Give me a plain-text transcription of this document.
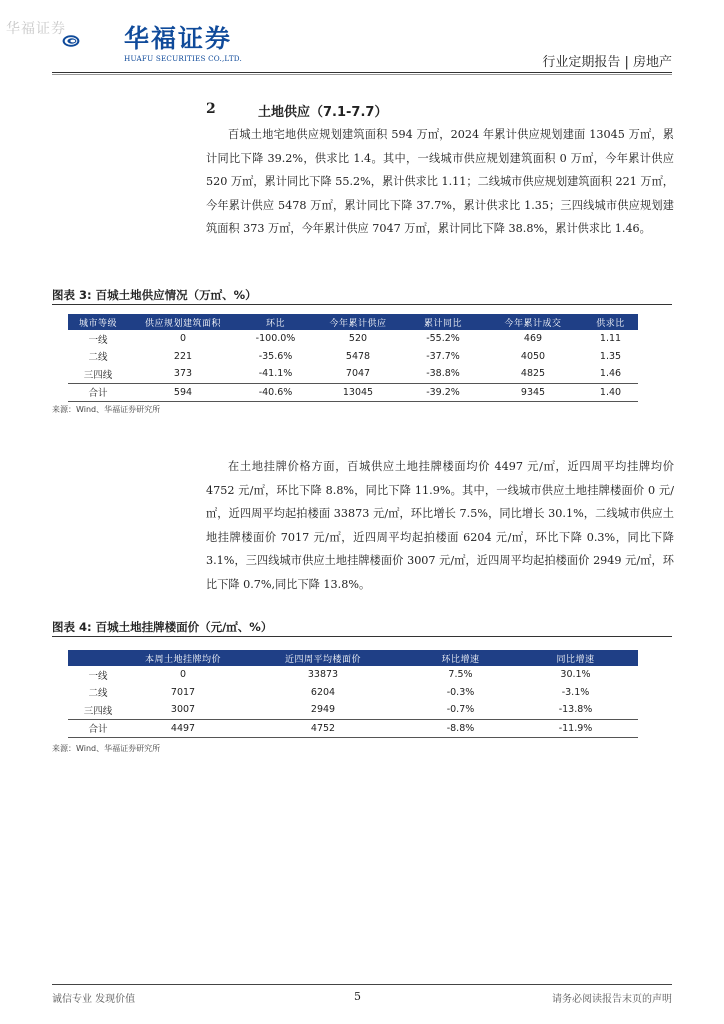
华福证券 华福证券
HUAFU SECURITIES CO.,LTD.	行业定期报告 | 房地产
2	土地供应（7.1-7.7）

百城土地宅地供应规划建筑面积 594 万㎡，2024 年累计供应规划建面 13045 万㎡，累计同比下降 39.2%，供求比 1.4。其中，一线城市供应规划建筑面积 0 万㎡，今年累计供应 520 万㎡，累计同比下降 55.2%，累计供求比 1.11；二线城市供应规划建筑面积 221 万㎡，今年累计供应 5478 万㎡，累计同比下降 37.7%，累计供求比 1.35；三四线城市供应规划建筑面积 373 万㎡，今年累计供应 7047 万㎡，累计同比下降 38.8%，累计供求比 1.46。

图表 3: 百城土地供应情况（万㎡、%）
城市等级	供应规划建筑面积	环比	今年累计供应	累计同比	今年累计成交	供求比
一线	0	-100.0%	520	-55.2%	469	1.11
二线	221	-35.6%	5478	-37.7%	4050	1.35
三四线	373	-41.1%	7047	-38.8%	4825	1.46
合计	594	-40.6%	13045	-39.2%	9345	1.40
来源：Wind、华福证券研究所

在土地挂牌价格方面，百城供应土地挂牌楼面均价 4497 元/㎡，近四周平均挂牌均价 4752 元/㎡，环比下降 8.8%，同比下降 11.9%。其中，一线城市供应土地挂牌楼面价 0 元/㎡，近四周平均起拍楼面 33873 元/㎡，环比增长 7.5%，同比增长 30.1%，二线城市供应土地挂牌楼面价 7017 元/㎡，近四周平均起拍楼面 6204 元/㎡，环比下降 0.3%，同比下降 3.1%，三四线城市供应土地挂牌楼面价 3007 元/㎡，近四周平均起拍楼面价 2949 元/㎡，环比下降 0.7%,同比下降 13.8%。

图表 4: 百城土地挂牌楼面价（元/㎡、%）
	本周土地挂牌均价	近四周平均楼面价	环比增速	同比增速
一线	0	33873	7.5%	30.1%
二线	7017	6204	-0.3%	-3.1%
三四线	3007	2949	-0.7%	-13.8%
合计	4497	4752	-8.8%	-11.9%
来源：Wind、华福证券研究所
诚信专业 发现价值	5	请务必阅读报告末页的声明
